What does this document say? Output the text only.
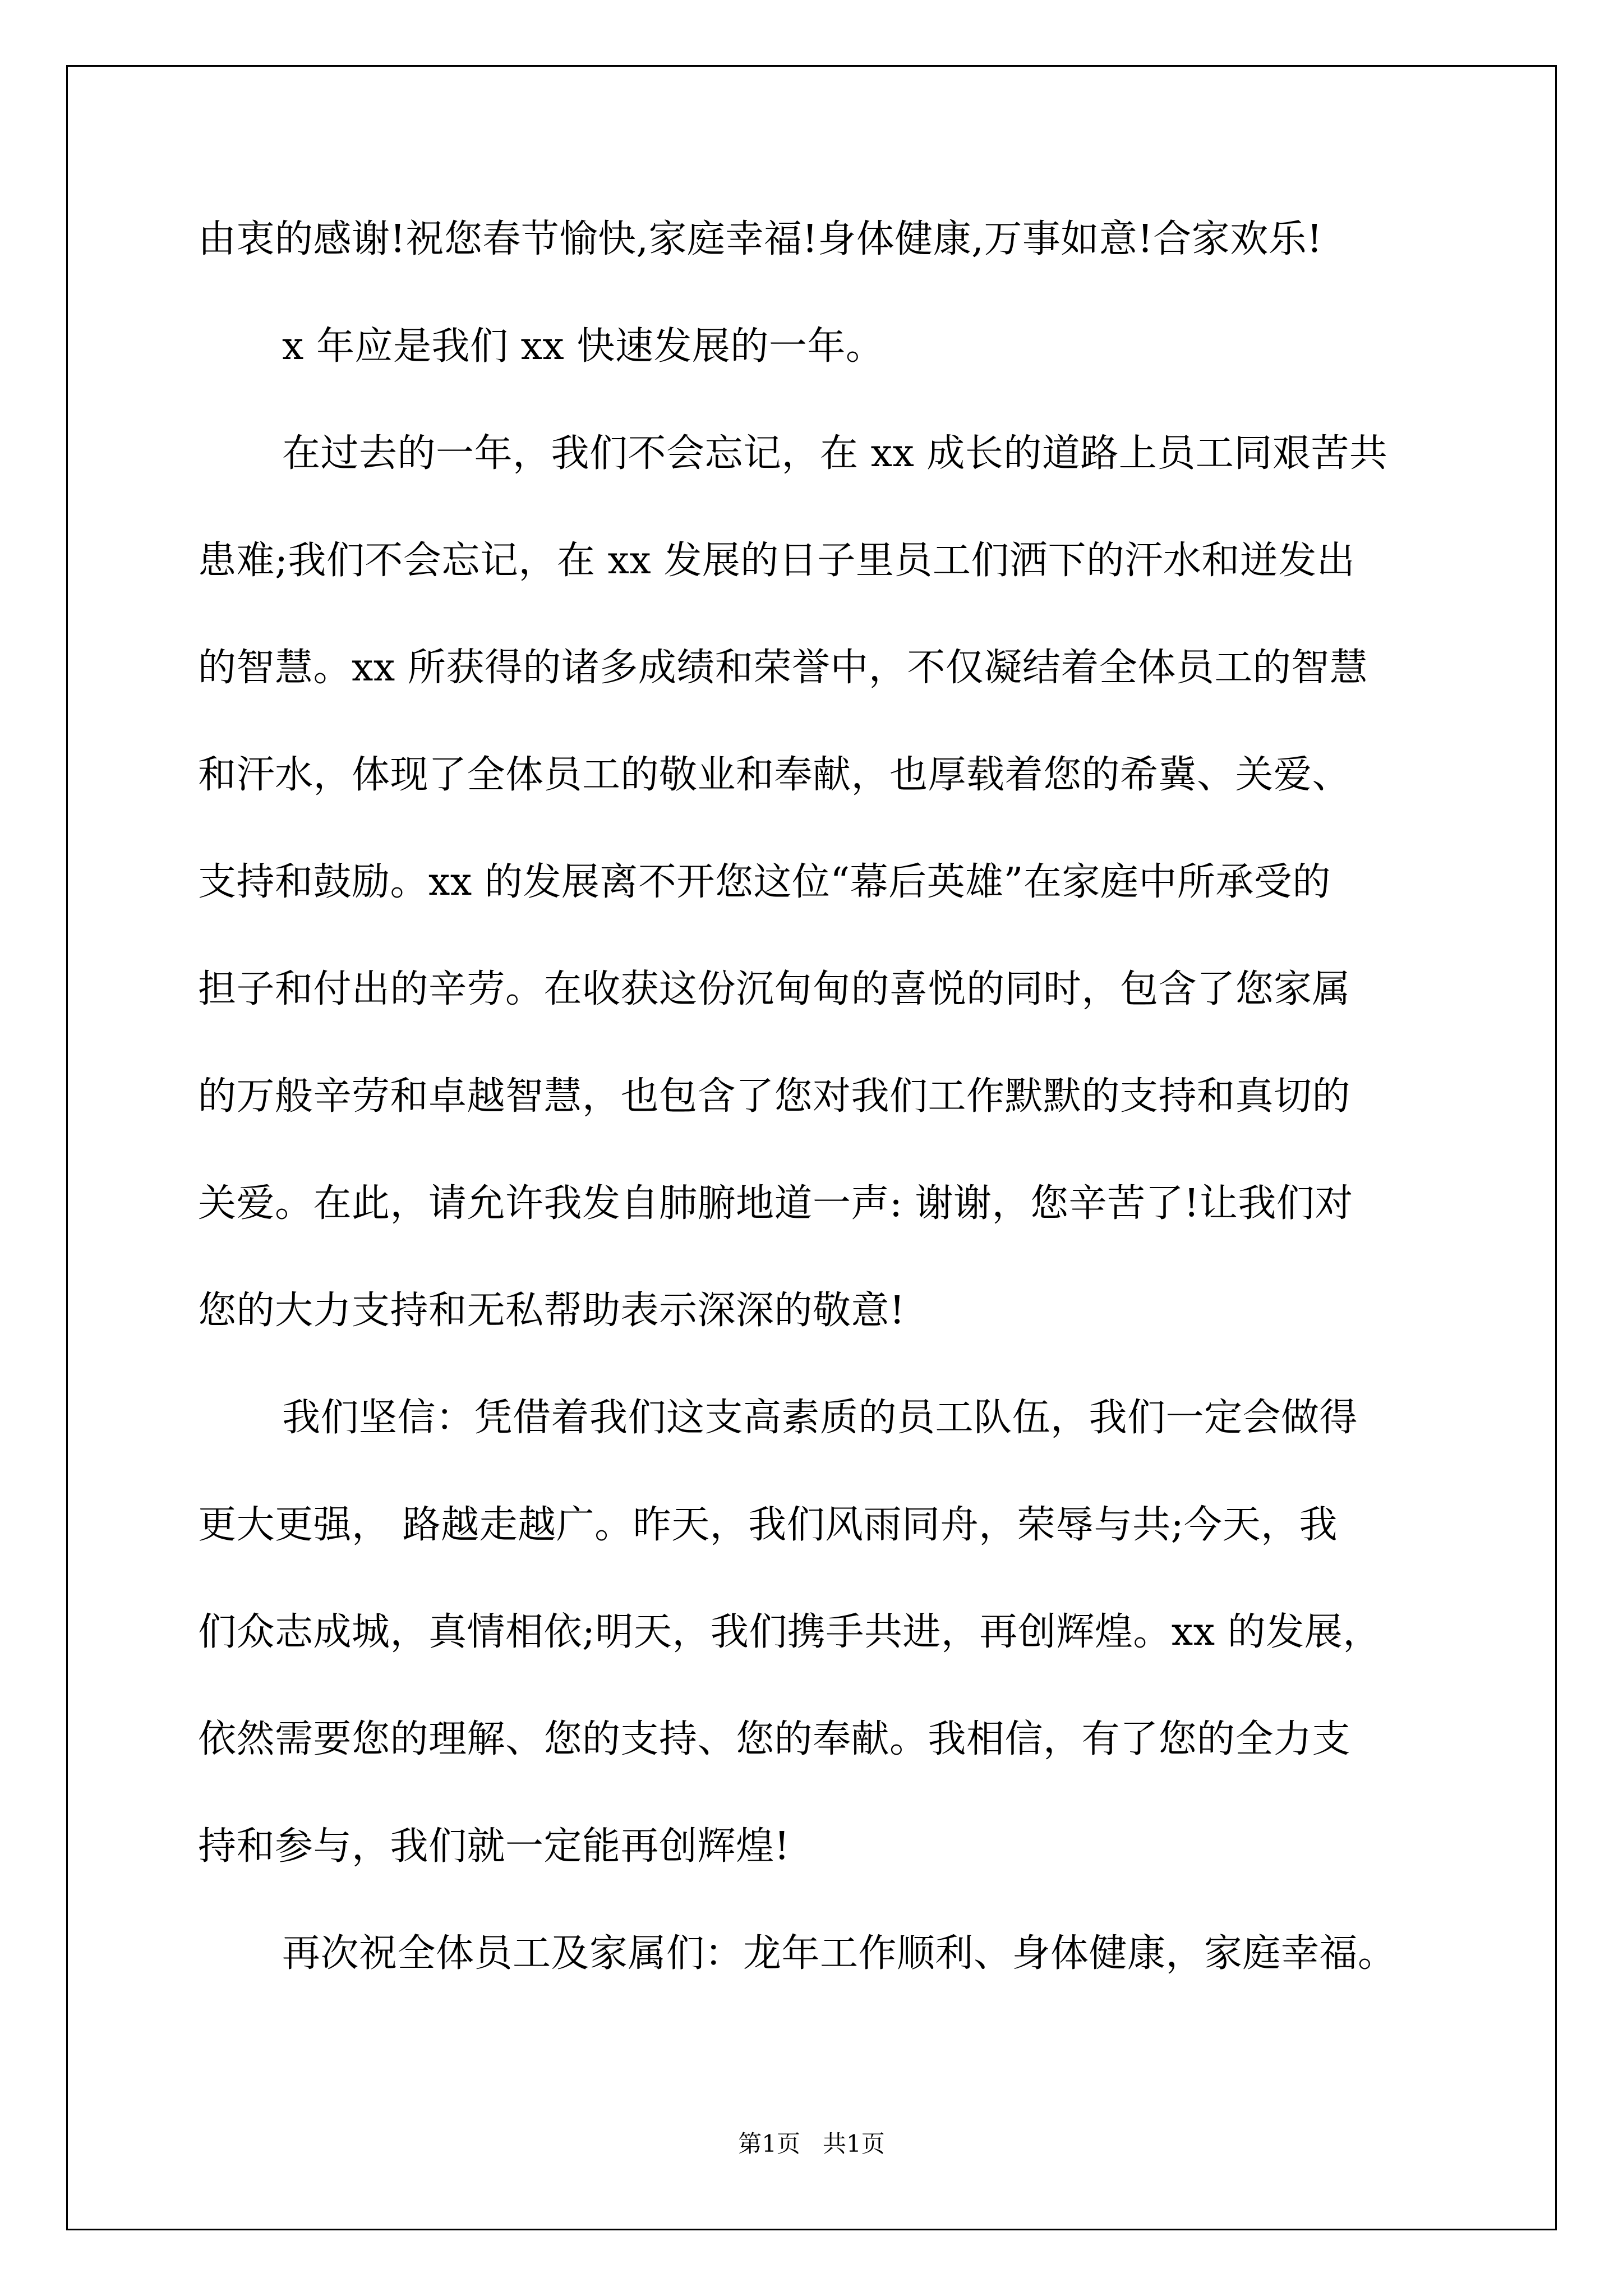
由衷的感谢!祝您春节愉快,家庭幸福!身体健康,万事如意!合家欢乐!
x 年应是我们 xx 快速发展的一年。
在过去的一年，我们不会忘记，在 xx 成长的道路上员工同艰苦共
患难;我们不会忘记，在 xx 发展的日子里员工们洒下的汗水和迸发出
的智慧。xx 所获得的诸多成绩和荣誉中，不仅凝结着全体员工的智慧
和汗水，体现了全体员工的敬业和奉献，也厚载着您的希冀、关爱、
支持和鼓励。xx 的发展离不开您这位“幕后英雄”在家庭中所承受的
担子和付出的辛劳。在收获这份沉甸甸的喜悦的同时，包含了您家属
的万般辛劳和卓越智慧，也包含了您对我们工作默默的支持和真切的
关爱。在此，请允许我发自肺腑地道一声: 谢谢，您辛苦了!让我们对
您的大力支持和无私帮助表示深深的敬意!
我们坚信：凭借着我们这支高素质的员工队伍，我们一定会做得
更大更强， 路越走越广。昨天，我们风雨同舟，荣辱与共;今天，我
们众志成城，真情相依;明天，我们携手共进，再创辉煌。xx 的发展，
依然需要您的理解、您的支持、您的奉献。我相信，有了您的全力支
持和参与，我们就一定能再创辉煌!
再次祝全体员工及家属们：龙年工作顺利、身体健康，家庭幸福。
第1页   共1页
